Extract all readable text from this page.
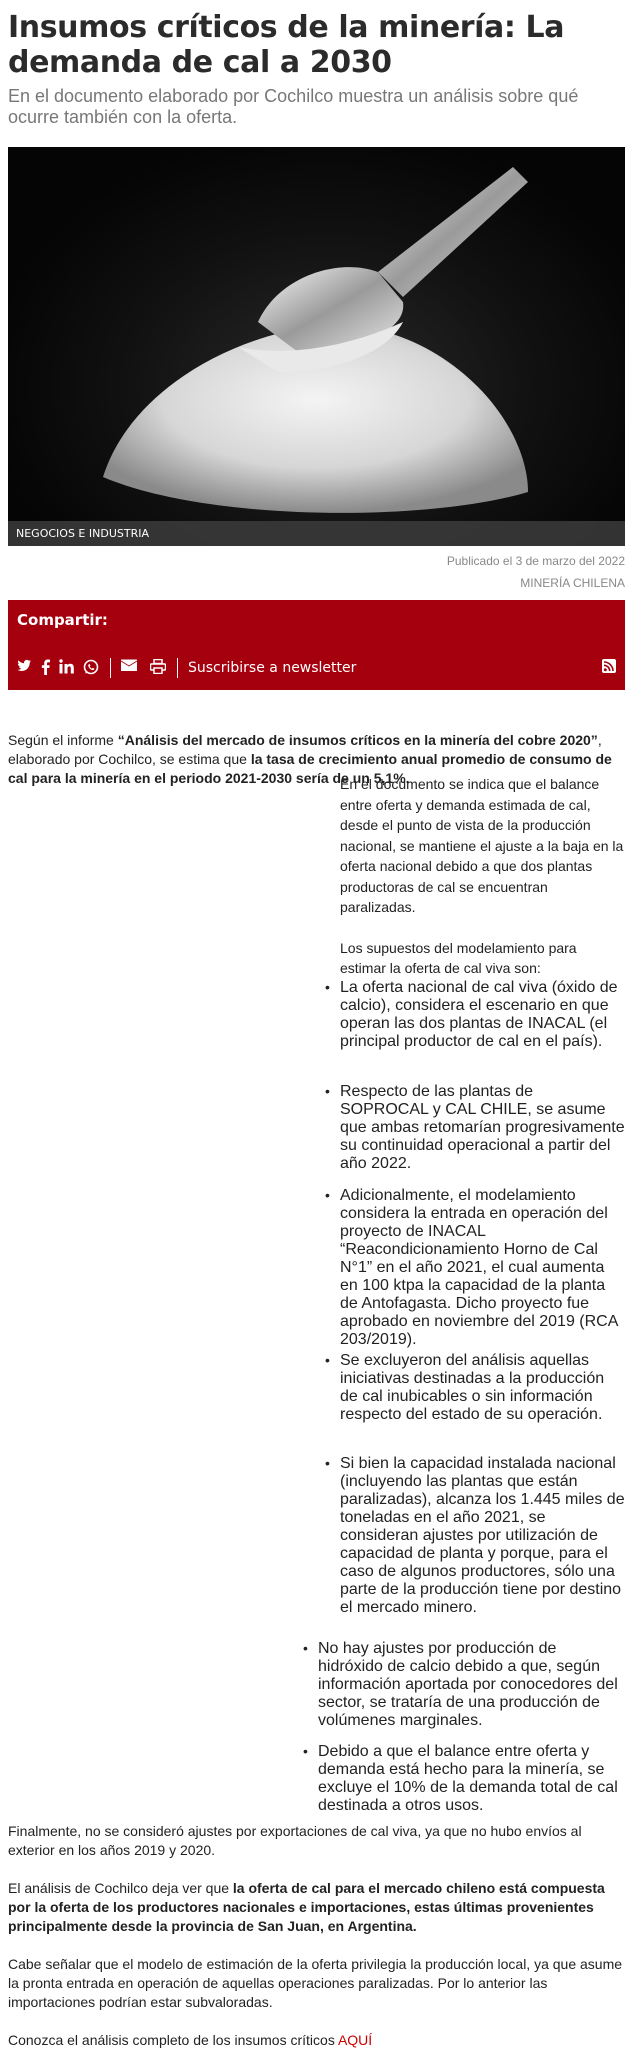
Insumos críticos de la minería: La demanda de cal a 2030
En el documento elaborado por Cochilco muestra un análisis sobre qué ocurre también con la oferta.
NEGOCIOS E INDUSTRIA
Publicado el 3 de marzo del 2022
MINERÍA CHILENA
Compartir:
Suscribirse a newsletter

Según el informe “Análisis del mercado de insumos críticos en la minería del cobre 2020”, elaborado por Cochilco, se estima que la tasa de crecimiento anual promedio de consumo de cal para la minería en el periodo 2021-2030 sería de un 5,1%.

En el documento se indica que el balance entre oferta y demanda estimada de cal, desde el punto de vista de la producción nacional, se mantiene el ajuste a la baja en la oferta nacional debido a que dos plantas productoras de cal se encuentran paralizadas.

Los supuestos del modelamiento para estimar la oferta de cal viva son:

• La oferta nacional de cal viva (óxido de calcio), considera el escenario en que operan las dos plantas de INACAL (el principal productor de cal en el país).
• Respecto de las plantas de SOPROCAL y CAL CHILE, se asume que ambas retomarían progresivamente su continuidad operacional a partir del año 2022.
• Adicionalmente, el modelamiento considera la entrada en operación del proyecto de INACAL “Reacondicionamiento Horno de Cal N°1” en el año 2021, el cual aumenta en 100 ktpa la capacidad de la planta de Antofagasta. Dicho proyecto fue aprobado en noviembre del 2019 (RCA 203/2019).
• Se excluyeron del análisis aquellas iniciativas destinadas a la producción de cal inubicables o sin información respecto del estado de su operación.
• Si bien la capacidad instalada nacional (incluyendo las plantas que están paralizadas), alcanza los 1.445 miles de toneladas en el año 2021, se consideran ajustes por utilización de capacidad de planta y porque, para el caso de algunos productores, sólo una parte de la producción tiene por destino el mercado minero.
• No hay ajustes por producción de hidróxido de calcio debido a que, según información aportada por conocedores del sector, se trataría de una producción de volúmenes marginales.
• Debido a que el balance entre oferta y demanda está hecho para la minería, se excluye el 10% de la demanda total de cal destinada a otros usos.

Finalmente, no se consideró ajustes por exportaciones de cal viva, ya que no hubo envíos al exterior en los años 2019 y 2020.

El análisis de Cochilco deja ver que la oferta de cal para el mercado chileno está compuesta por la oferta de los productores nacionales e importaciones, estas últimas provenientes principalmente desde la provincia de San Juan, en Argentina.

Cabe señalar que el modelo de estimación de la oferta privilegia la producción local, ya que asume la pronta entrada en operación de aquellas operaciones paralizadas. Por lo anterior las importaciones podrían estar subvaloradas.

Conozca el análisis completo de los insumos críticos AQUÍ
